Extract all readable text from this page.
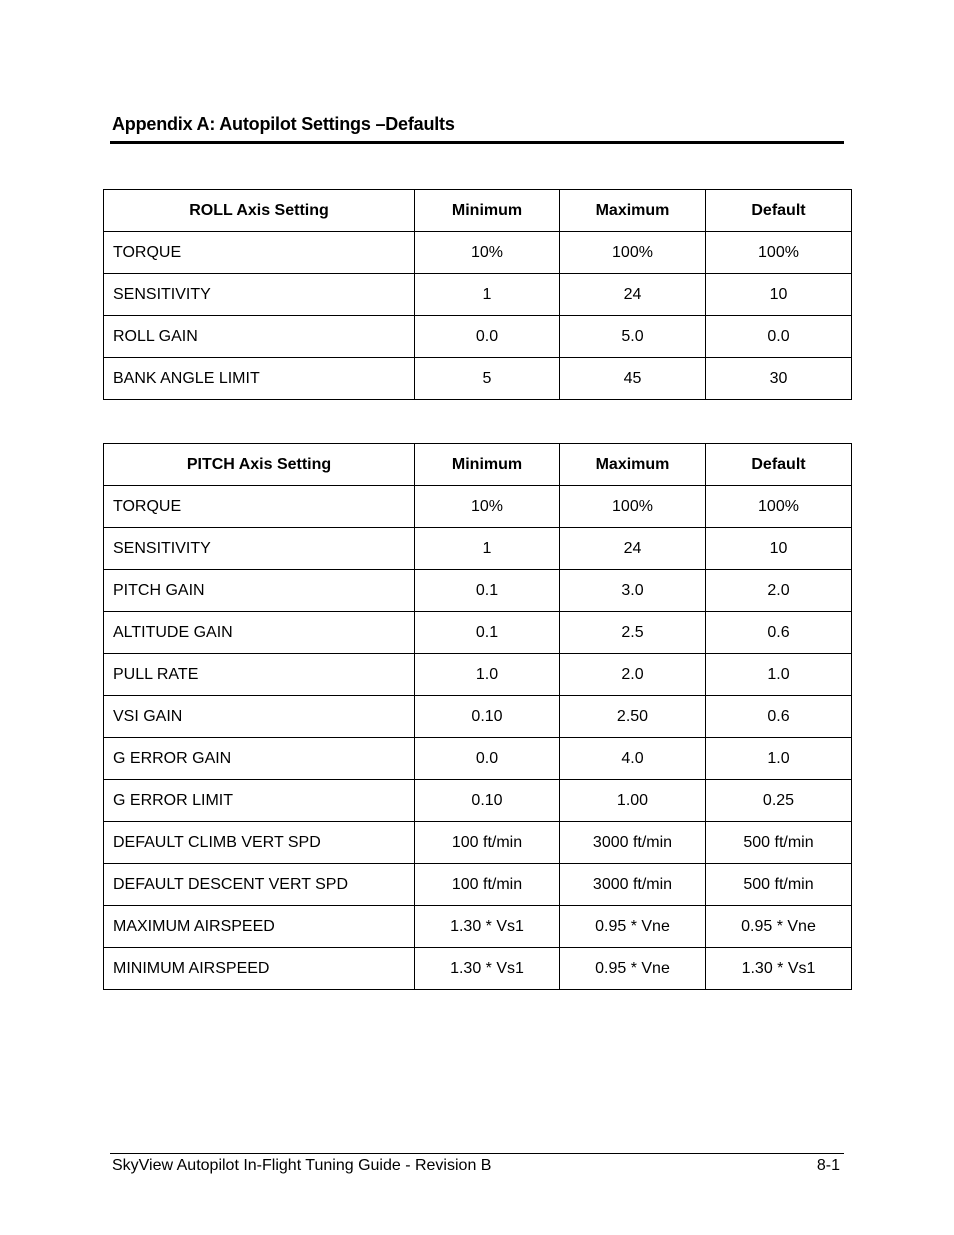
Appendix A: Autopilot Settings –Defaults
ROLL Axis Setting	Minimum	Maximum	Default
TORQUE	10%	100%	100%
SENSITIVITY	1	24	10
ROLL GAIN	0.0	5.0	0.0
BANK ANGLE LIMIT	5	45	30
PITCH Axis Setting	Minimum	Maximum	Default
TORQUE	10%	100%	100%
SENSITIVITY	1	24	10
PITCH GAIN	0.1	3.0	2.0
ALTITUDE GAIN	0.1	2.5	0.6
PULL RATE	1.0	2.0	1.0
VSI GAIN	0.10	2.50	0.6
G ERROR GAIN	0.0	4.0	1.0
G ERROR LIMIT	0.10	1.00	0.25
DEFAULT CLIMB VERT SPD	100 ft/min	3000 ft/min	500 ft/min
DEFAULT DESCENT VERT SPD	100 ft/min	3000 ft/min	500 ft/min
MAXIMUM AIRSPEED	1.30 * Vs1	0.95 * Vne	0.95 * Vne
MINIMUM AIRSPEED	1.30 * Vs1	0.95 * Vne	1.30 * Vs1
SkyView Autopilot In-Flight Tuning Guide - Revision B	8-1
